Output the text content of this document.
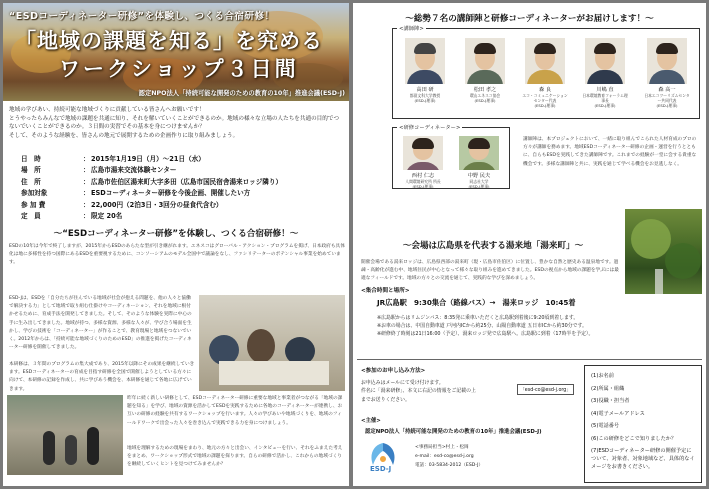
“ESDコーディネーター研修”を体験し、つくる合宿研修！
「地域の課題を知る」を究める
ワークショップ３日間
認定NPO法人「持続可能な開発のための教育の10年」推進会議(ESD-J)

地域の学びあい、持続可能な地域づくりに貢献している皆さんへお願いです！

とうやったらみんなで地域の課題を共通に知り、それを解いていくことができるのか。地域の様々な立場の人たちを共通の目的でつないでいくことができるのか。３日間の実習でその基本を身につけませんか？

そして、そのような経験を、皆さんの地元で展開するための企画作りに取り組みましょう。

日　時	： 2015年1月19日（月）～21日（水）
場　所	： 広島市湯来交流体験センター
住　所	： 広島市佐伯区湯来町大字多田（広島市国民宿舎湯来ロッジ隣り）
参加対象	： ESDコーディネーター研修を今後企画、開催したい方
参 加 費	： 22,000円（2泊3日・3回分の昼食代含む）
定　員	： 限定 20名
～“ESDコーディネーター研修”を体験し、つくる合宿研修！～
ESDの10年は今年で終了しますが、2015年からESDのあらたな型が引き継がれます。ユネスコはグローバル・アクション・プログラムを掲げ、日本政府も具体化は地に多様性を持つ国際にあるESDを重要視するために、コンソーシアムのモデル全国中で議論をなし、ファシリテーターのポテンシャル事業を始めています。
ESD-Jは、ESDを「自分たちが住んでいる地域が社会が抱える問題を、他の人々と協働で解決する力」として地域で取り組む仕掛けやコーディネーション、それを地域に根付かせるために、育成手法を開発してきました。そして、そのような体験を実際に中心の手に生み出してきました。地域が持つ、多様な資源、多様な人々が、学び合う場面を生かし、学びの技術を「コーディネーター」が作ることで、教育現場と地域をつないでいく。2012年からは、「持続可能な地域づくりのためのESD」の推進を掲げたコーディネーター研修を開催してきました。
本研修は、３年間のプログラムの集大成であり、2015年以降にその成果を継続していきます。ESDコーディネーターの育成を目指す研修を全国で開催しようとしている方々に向けて、本研修の記録を作成し、共に学びあう機会を、本研修を通じて各地に広げていきます。
昨年に続く新しい研修として、ESDコーディネーター研修に重要な地域と事業者がつながる「地域の課題を知る」を学び、地域の資源を活かしてESDを実践するために各地のコーディネーターが連携し、お互いの研修の経験を共有するワークショップを行います。人々の学びあいや地域づくりを、地域のフィールドワークで出会った人々を巻き込んで実践できる力を身につけましょう。
地域を理解するための現場をまわり、地元の方々と出会い、インタビューを行い、それをふまえた考えをまとめ、ワークショップ形式で地域の課題を探ります。自らの研修で活かし、これからの地域づくりを継続していくヒントを見つけてみませんか？
～総勢７名の講師陣と研修コーディネーターがお届けします！～
<講師陣>
高田 研
都留文科大学教授
(ESD-J理事)
松田 孝之
環山エネスコ協会
(ESD-J理事)
森 良
エコ・コミュニケーションセンター代表
(ESD-J理事)
川嶋 直
日本環境教育フォーラム理事長
(ESD-J理事)
森 高一
日本エコツーリズムセンター共同代表
(ESD-J理事)
<研修コーディネーター>
西村 仁志
人間環境研究所 所長
(ESD-J理事)
中野 民夫
同志社大学
(ESD-J理事)
講師陣は、本プロジェクトにおいて、一緒に取り組んでこられた人材育成のプロの方々が講師を務めます。地域ESDコーディネーター研修の企画・運営を行うとともに、自らもESDを実践してきた講師陣です。これまでの経験が一堂に会する貴重な機会です。多様な講師陣と共に、実践を通じて学べる機会をお見逃しなく。
～会場は広島県を代表する湯来地「湯来町」～
開催会場である湯来ロッジは、広島県西部の湯来町（現・広島市佐伯区）に位置し、豊かな自然と歴史ある温泉地です。過疎・高齢化が進む中、地域住民が中心となって様々な取り組みを進めてきました。ESDの視点から地域の課題を学ぶには最適なフィールドです。地域の方々との交流を通じて、実践的な学びを深めましょう。
<集合時間と場所>
JR広島駅　9:30集合（路線バス）→　湯来ロッジ　10:45着
※広島駅からはリムジンバス：8:35発に乗車いただくと広島駅到着後に9:20頃到着します。
※お車の場合は、中国自動車道 戸河内ICから約25分、山陽自動車道 五日市ICから約30分です。
※研修終了時刻は21日16:00（予定）、湯来ロッジ発で広島駅へ。広島駅に到着（17時半を予定）。
<参加のお申し込み方法>
お申込みはメールにて受け付けます。
件名に「湯来研修」、本文に右記の情報をご記載の上
までお送りください。
「esd-co@esd-j.org」
<主催>
認定NPO法人「持続可能な開発のための教育の10年」推進会議(ESD-J)
ESD-J
<事務局担当>村上・松岡
e-mail：esd-co@esd-j.org
電話：03-5834-2012（ESD-J）
(1)お名前
(2)所属・組織
(3)役職・担当者
(4)電子メールアドレス
(5)電話番号
(6)この研修をどこで知りましたか？
(7)ESDコーディネーター研修の開催予定について、対象者、対象地域など、具体的なイメージをお書きください。
